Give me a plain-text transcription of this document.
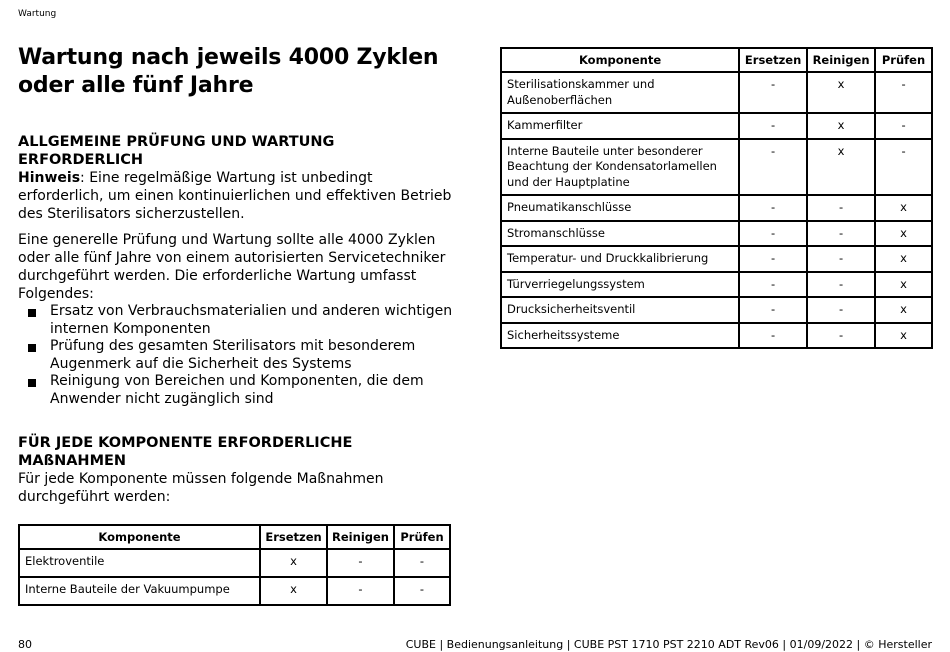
Wartung
Wartung nach jeweils 4000 Zyklen oder alle fünf Jahre
ALLGEMEINE PRÜFUNG UND WARTUNG ERFORDERLICH

Hinweis: Eine regelmäßige Wartung ist unbedingt erforderlich, um einen kontinuierlichen und effektiven Betrieb des Sterilisators sicherzustellen.

Eine generelle Prüfung und Wartung sollte alle 4000 Zyklen oder alle fünf Jahre von einem autorisierten Servicetechniker durchgeführt werden. Die erforderliche Wartung umfasst Folgendes:

Ersatz von Verbrauchsmaterialien und anderen wichtigen internen Komponenten
Prüfung des gesamten Sterilisators mit besonderem Augenmerk auf die Sicherheit des Systems
Reinigung von Bereichen und Komponenten, die dem Anwender nicht zugänglich sind
FÜR JEDE KOMPONENTE ERFORDERLICHE MAßNAHMEN

Für jede Komponente müssen folgende Maßnahmen durchgeführt werden:

Komponente	Ersetzen	Reinigen	Prüfen
Elektroventile	x	-	-
Interne Bauteile der Vakuumpumpe	x	-	-
Komponente	Ersetzen	Reinigen	Prüfen
Sterilisationskammer und Außenoberflächen	-	x	-
Kammerfilter	-	x	-
Interne Bauteile unter besonderer Beachtung der Kondensatorlamellen und der Hauptplatine	-	x	-
Pneumatikanschlüsse	-	-	x
Stromanschlüsse	-	-	x
Temperatur- und Druckkalibrierung	-	-	x
Türverriegelungssystem	-	-	x
Drucksicherheitsventil	-	-	x
Sicherheitssysteme	-	-	x
80	CUBE | Bedienungsanleitung | CUBE PST 1710 PST 2210 ADT Rev06 | 01/09/2022 | © Hersteller
